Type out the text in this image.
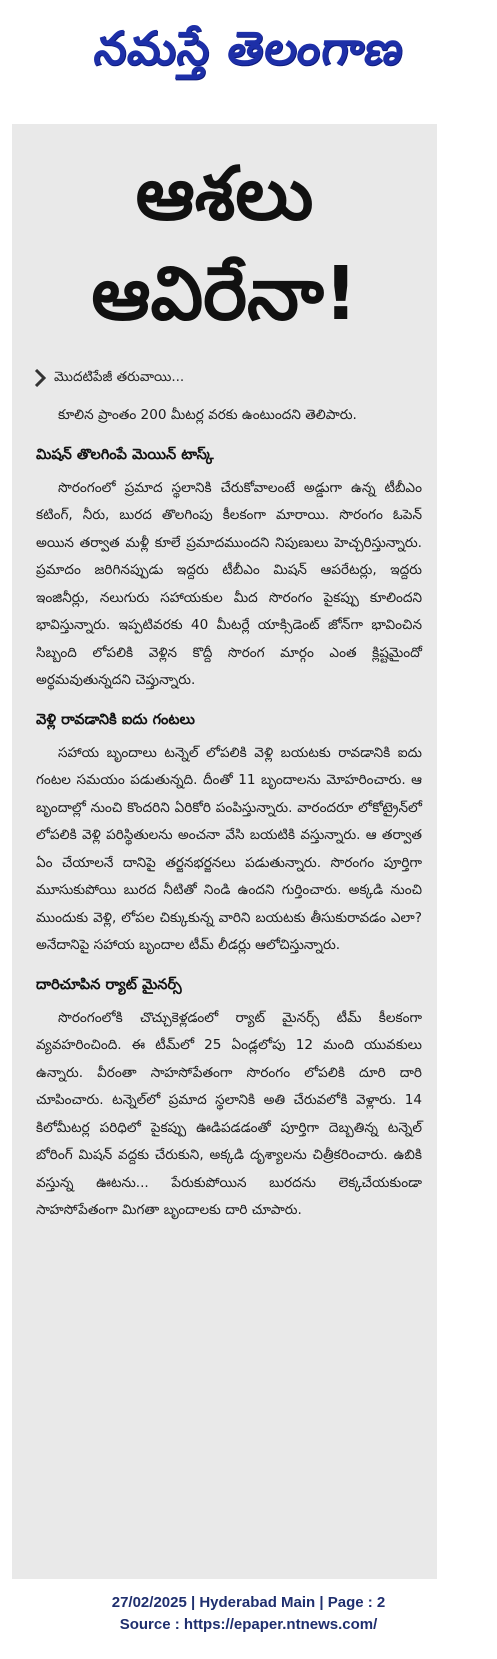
నమస్తే తెలంగాణ
ఆశలు
ఆవిరేనా!
మొదటిపేజీ తరువాయి...

కూలిన ప్రాంతం 200 మీటర్ల వరకు ఉంటుందని తెలిపారు.

మిషన్ తొలగింపే మెయిన్ టాస్క్

సొరంగంలో ప్రమాద స్థలానికి చేరుకోవాలంటే అడ్డుగా ఉన్న టీబీఎం కటింగ్, నీరు, బురద తొలగింపు కీలకంగా మారాయి. సొరంగం ఓపెన్ అయిన తర్వాత మళ్లీ కూలే ప్రమాదముందని నిపుణులు హెచ్చరిస్తున్నారు. ప్రమాదం జరిగినప్పుడు ఇద్దరు టీబీఎం మిషన్ ఆపరేటర్లు, ఇద్దరు ఇంజినీర్లు, నలుగురు సహాయకుల మీద సొరంగం పైకప్పు కూలిందని భావిస్తున్నారు. ఇప్పటివరకు 40 మీటర్లే యాక్సిడెంట్ జోన్‌గా భావించిన సిబ్బంది లోపలికి వెళ్లిన కొద్దీ సొరంగ మార్గం ఎంత క్లిష్టమైందో అర్థమవుతున్నదని చెప్తున్నారు.

వెళ్లి రావడానికి ఐదు గంటలు

సహాయ బృందాలు టన్నెల్ లోపలికి వెళ్లి బయటకు రావడానికి ఐదు గంటల సమయం పడుతున్నది. దీంతో 11 బృందాలను మోహరించారు. ఆ బృందాల్లో నుంచి కొందరిని ఏరికోరి పంపిస్తున్నారు. వారందరూ లోకోట్రైన్‌లో లోపలికి వెళ్లి పరిస్థితులను అంచనా వేసి బయటికి వస్తున్నారు. ఆ తర్వాత ఏం చేయాలనే దానిపై తర్జనభర్జనలు పడుతున్నారు. సొరంగం పూర్తిగా మూసుకుపోయి బురద నీటితో నిండి ఉందని గుర్తించారు. అక్కడి నుంచి ముందుకు వెళ్లి, లోపల చిక్కుకున్న వారిని బయటకు తీసుకురావడం ఎలా? అనేదానిపై సహాయ బృందాల టీమ్ లీడర్లు ఆలోచిస్తున్నారు.

దారిచూపిన ర్యాట్ మైనర్స్

సొరంగంలోకి చొచ్చుకెళ్లడంలో ర్యాట్ మైనర్స్ టీమ్ కీలకంగా వ్యవహరించింది. ఈ టీమ్‌లో 25 ఏండ్లలోపు 12 మంది యువకులు ఉన్నారు. వీరంతా సాహసోపేతంగా సొరంగం లోపలికి దూరి దారి చూపించారు. టన్నెల్‌లో ప్రమాద స్థలానికి అతి చేరువలోకి వెళ్లారు. 14 కిలోమీటర్ల పరిధిలో పైకప్పు ఊడిపడడంతో పూర్తిగా దెబ్బతిన్న టన్నెల్ బోరింగ్ మిషన్ వద్దకు చేరుకుని, అక్కడి దృశ్యాలను చిత్రీకరించారు. ఉబికి వస్తున్న ఊటను... పేరుకుపోయిన బురదను లెక్కచేయకుండా సాహసోపేతంగా మిగతా బృందాలకు దారి చూపారు.

27/02/2025 | Hyderabad Main | Page : 2
Source : https://epaper.ntnews.com/
